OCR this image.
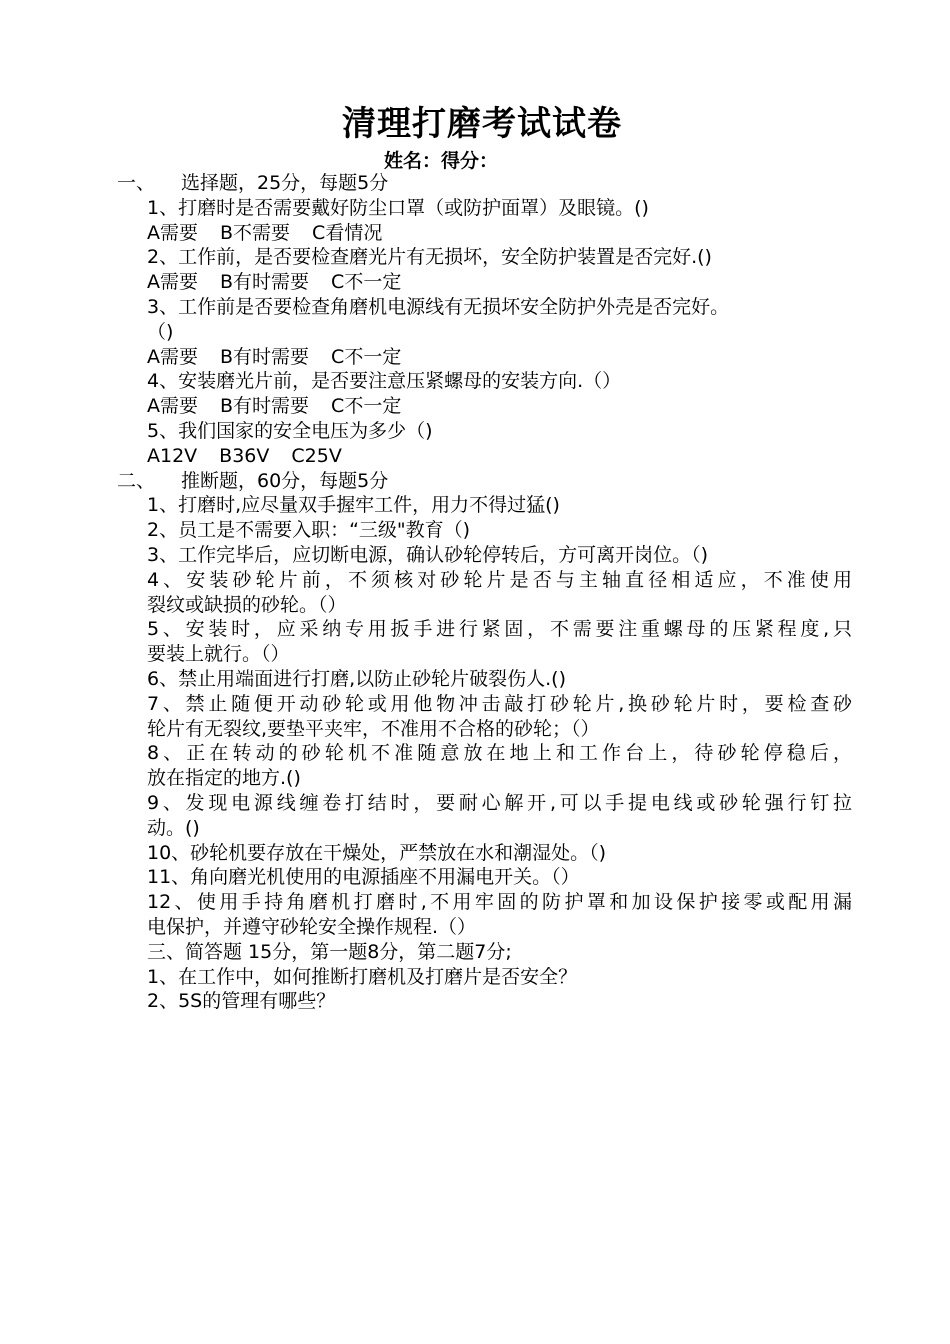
清理打磨考试试卷
姓名：得分：
一、 选择题，25分，每题5分
1、打磨时是否需要戴好防尘口罩（或防护面罩）及眼镜。()
A需要 B不需要 C看情况
2、工作前，是否要检查磨光片有无损坏，安全防护装置是否完好.()
A需要 B有时需要 C不一定
3、工作前是否要检查角磨机电源线有无损坏安全防护外壳是否完好。
（)
A需要 B有时需要 C不一定
4、安装磨光片前，是否要注意压紧螺母的安装方向.（）
A需要 B有时需要 C不一定
5、我们国家的安全电压为多少（)
A12V B36V C25V
二、 推断题，60分，每题5分
1、打磨时,应尽量双手握牢工件，用力不得过猛()
2、员工是不需要入职：“三级"教育（)
3、工作完毕后，应切断电源，确认砂轮停转后，方可离开岗位。（)
4、安装砂轮片前，不须核对砂轮片是否与主轴直径相适应，不准使用
裂纹或缺损的砂轮。（）
5、安装时，应采纳专用扳手进行紧固，不需要注重螺母的压紧程度,只
要装上就行。（）
6、禁止用端面进行打磨,以防止砂轮片破裂伤人.()
7、禁止随便开动砂轮或用他物冲击敲打砂轮片,换砂轮片时，要检查砂
轮片有无裂纹,要垫平夹牢，不准用不合格的砂轮；（）
8、正在转动的砂轮机不准随意放在地上和工作台上，待砂轮停稳后，
放在指定的地方.()
9、发现电源线缠卷打结时，要耐心解开,可以手提电线或砂轮强行钉拉
动。()
10、砂轮机要存放在干燥处，严禁放在水和潮湿处。（)
11、角向磨光机使用的电源插座不用漏电开关。（）
12、使用手持角磨机打磨时,不用牢固的防护罩和加设保护接零或配用漏
电保护，并遵守砂轮安全操作规程.（）
三、简答题 15分，第一题8分，第二题7分;
1、在工作中，如何推断打磨机及打磨片是否安全？
2、5S的管理有哪些？
